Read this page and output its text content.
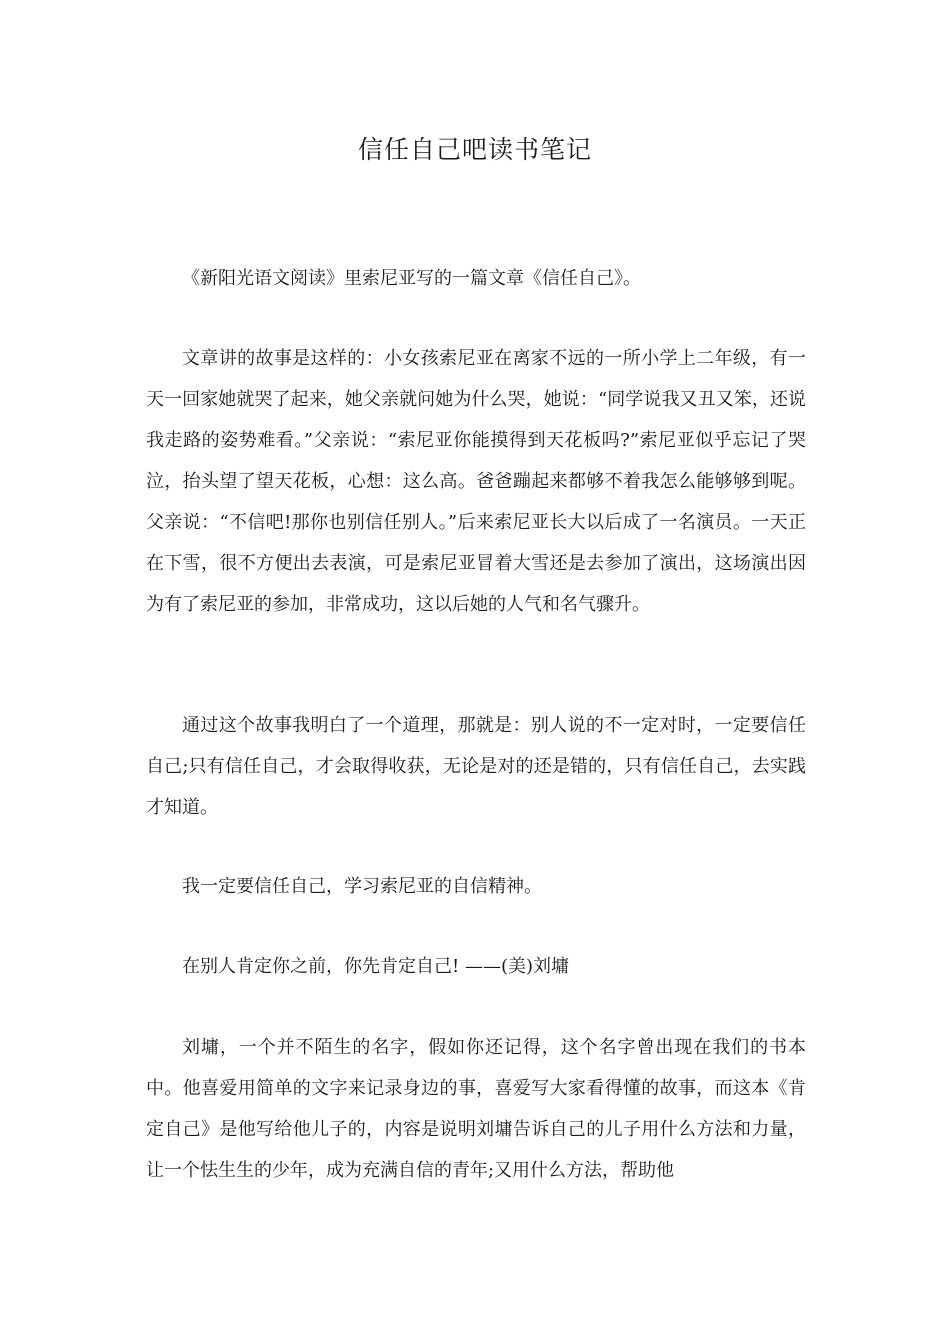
信任自己吧读书笔记

《新阳光语文阅读》里索尼亚写的一篇文章《信任自己》。

文章讲的故事是这样的：小女孩索尼亚在离家不远的一所小学上二年级，有一天一回家她就哭了起来，她父亲就问她为什么哭，她说：“同学说我又丑又笨，还说我走路的姿势难看。”父亲说：“索尼亚你能摸得到天花板吗?”索尼亚似乎忘记了哭泣，抬头望了望天花板，心想：这么高。爸爸蹦起来都够不着我怎么能够够到呢。父亲说：“不信吧!那你也别信任别人。”后来索尼亚长大以后成了一名演员。一天正在下雪，很不方便出去表演，可是索尼亚冒着大雪还是去参加了演出，这场演出因为有了索尼亚的参加，非常成功，这以后她的人气和名气骤升。

通过这个故事我明白了一个道理，那就是：别人说的不一定对时，一定要信任自己;只有信任自己，才会取得收获，无论是对的还是错的，只有信任自己，去实践才知道。

我一定要信任自己，学习索尼亚的自信精神。

在别人肯定你之前，你先肯定自己! ——(美)刘墉

刘墉，一个并不陌生的名字，假如你还记得，这个名字曾出现在我们的书本中。他喜爱用简单的文字来记录身边的事，喜爱写大家看得懂的故事，而这本《肯定自己》是他写给他儿子的，内容是说明刘墉告诉自己的儿子用什么方法和力量，让一个怯生生的少年，成为充满自信的青年;又用什么方法，帮助他
